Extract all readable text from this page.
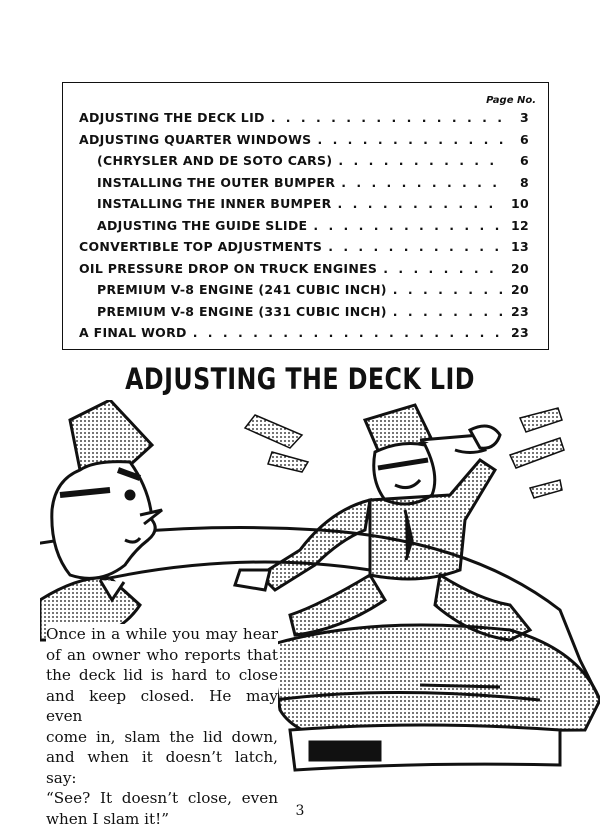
Page No.
ADJUSTING THE DECK LID . . .	3
ADJUSTING QUARTER WINDOWS . . .	6
(CHRYSLER AND DE SOTO CARS) . . .	6
INSTALLING THE OUTER BUMPER . . .	8
INSTALLING THE INNER BUMPER . . .	10
ADJUSTING THE GUIDE SLIDE . . .	12
CONVERTIBLE TOP ADJUSTMENTS . . .	13
OIL PRESSURE DROP ON TRUCK ENGINES . . .	20
PREMIUM V-8 ENGINE (241 CUBIC INCH) . . .	20
PREMIUM V-8 ENGINE (331 CUBIC INCH) . . .	23
A FINAL WORD . . .	23
ADJUSTING THE DECK LID
Once in a while you may hear
of an owner who reports that
the deck lid is hard to close
and keep closed. He may even
come in, slam the lid down,
and when it doesn’t latch, say:
“See? It doesn’t close, even
when I slam it!”	3
